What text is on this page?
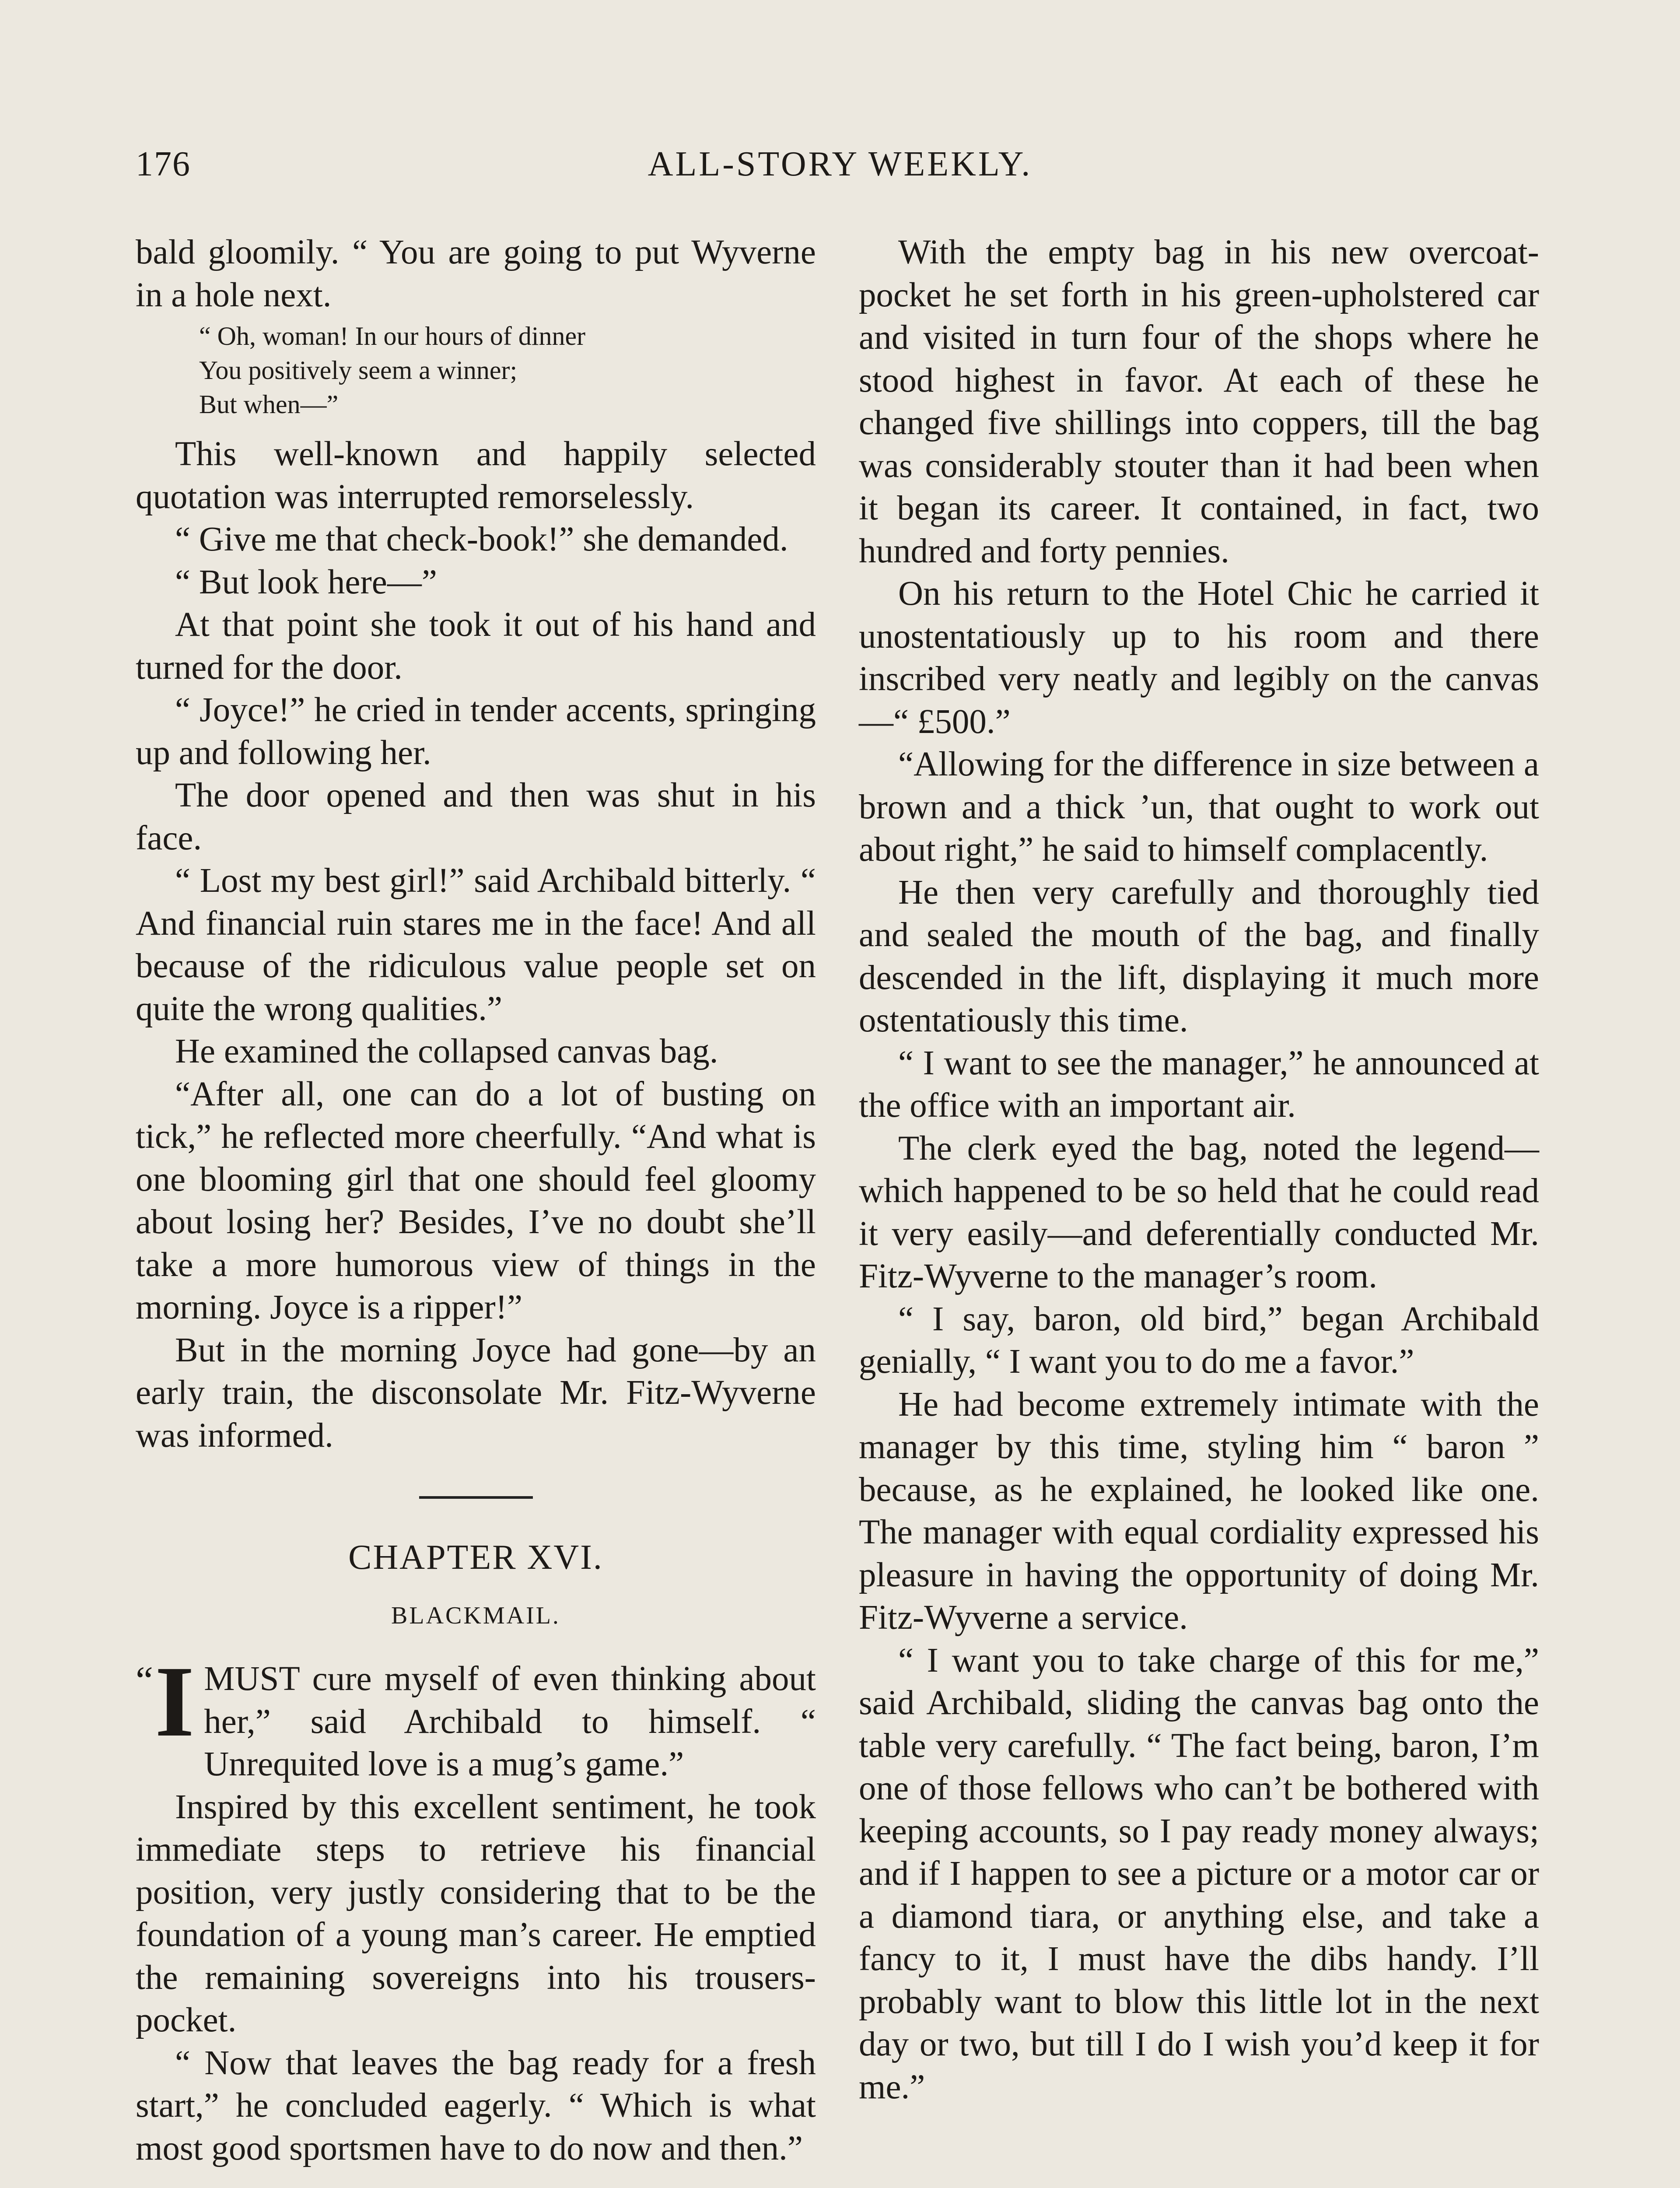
176	ALL-STORY WEEKLY.

bald gloomily. “ You are going to put Wyverne in a hole next.

“ Oh, woman! In our hours of dinner
You positively seem a winner;
But when—”

This well-known and happily selected quotation was interrupted remorselessly.

“ Give me that check-book!” she demanded.

“ But look here—”

At that point she took it out of his hand and turned for the door.

“ Joyce!” he cried in tender accents, springing up and following her.

The door opened and then was shut in his face.

“ Lost my best girl!” said Archibald bitterly. “ And financial ruin stares me in the face! And all because of the ridiculous value people set on quite the wrong qualities.”

He examined the collapsed canvas bag.

“After all, one can do a lot of busting on tick,” he reflected more cheerfully. “And what is one blooming girl that one should feel gloomy about losing her? Besides, I’ve no doubt she’ll take a more humorous view of things in the morning. Joyce is a ripper!”

But in the morning Joyce had gone—by an early train, the disconsolate Mr. Fitz-Wyverne was informed.

CHAPTER XVI.
BLACKMAIL.

“ I MUST cure myself of even thinking about her,” said Archibald to himself. “ Unrequited love is a mug’s game.”

Inspired by this excellent sentiment, he took immediate steps to retrieve his financial position, very justly considering that to be the foundation of a young man’s career. He emptied the remaining sovereigns into his trousers-pocket.

“ Now that leaves the bag ready for a fresh start,” he concluded eagerly. “ Which is what most good sportsmen have to do now and then.”

With the empty bag in his new overcoat-pocket he set forth in his green-upholstered car and visited in turn four of the shops where he stood highest in favor. At each of these he changed five shillings into coppers, till the bag was considerably stouter than it had been when it began its career. It contained, in fact, two hundred and forty pennies.

On his return to the Hotel Chic he carried it unostentatiously up to his room and there inscribed very neatly and legibly on the canvas—“ £500.”

“Allowing for the difference in size between a brown and a thick ’un, that ought to work out about right,” he said to himself complacently.

He then very carefully and thoroughly tied and sealed the mouth of the bag, and finally descended in the lift, displaying it much more ostentatiously this time.

“ I want to see the manager,” he announced at the office with an important air.

The clerk eyed the bag, noted the legend—which happened to be so held that he could read it very easily—and deferentially conducted Mr. Fitz-Wyverne to the manager’s room.

“ I say, baron, old bird,” began Archibald genially, “ I want you to do me a favor.”

He had become extremely intimate with the manager by this time, styling him “ baron ” because, as he explained, he looked like one. The manager with equal cordiality expressed his pleasure in having the opportunity of doing Mr. Fitz-Wyverne a service.

“ I want you to take charge of this for me,” said Archibald, sliding the canvas bag onto the table very carefully. “ The fact being, baron, I’m one of those fellows who can’t be bothered with keeping accounts, so I pay ready money always; and if I happen to see a picture or a motor car or a diamond tiara, or anything else, and take a fancy to it, I must have the dibs handy. I’ll probably want to blow this little lot in the next day or two, but till I do I wish you’d keep it for me.”
